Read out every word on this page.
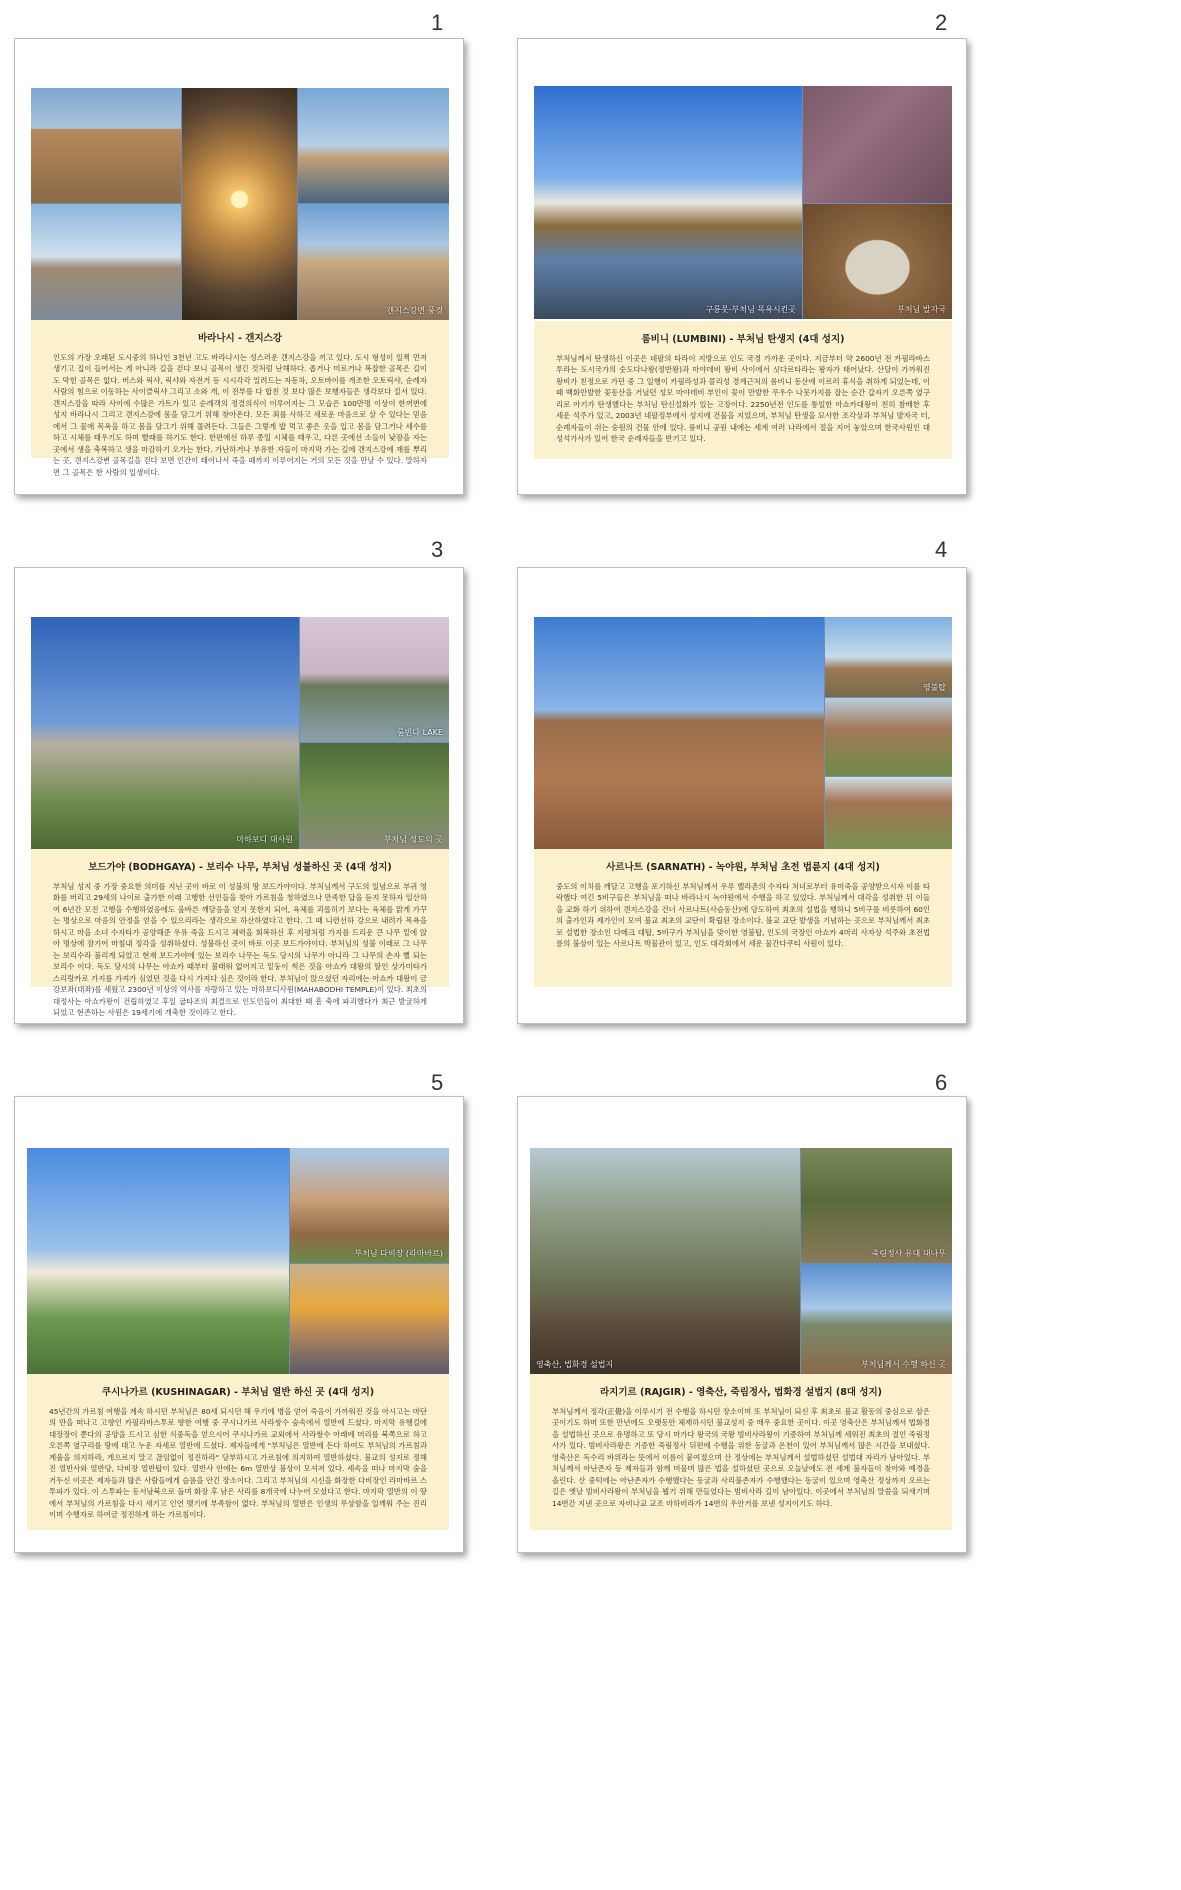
1
갠지스강변 풍경
바라나시 - 갠지스강

인도의 가장 오래된 도시중의 하나인 3천년 고도 바라나시는 성스러운 갠지스강을 끼고 있다. 도시 형성이 일찍 먼저 생기고 집이 들어서는 게 아니라 길을 걷다 보니 골목이 생긴 것처럼 난해하다. 좁거나 미로거나 복잡한 골목은 길이도 막힌 골목은 없다. 버스와 릭샤, 릭샤와 자전거 등 시시각각 밀려드는 자동차, 오토바이를 개조한 오토릭샤, 순례자 사람의 힘으로 이동하는 사이클릭샤 그리고 소와 개, 이 전부를 다 합친 것 보다 많은 보행자들은 생각보다 질서 있다. 갠지스강을 따라 사이에 수많은 가트가 있고 순례객의 정결의식이 이루어지는 그 모습은 100만명 이상이 한꺼번에 성지 바라나시 그리고 갠지스강에 몸을 담그기 위해 찾아온다. 모든 죄를 사하고 새로운 마음으로 살 수 있다는 믿음에서 그 물에 목욕을 하고 몸을 담그기 위해 몰려든다. 그들은 그렇게 밥 먹고 좋은 옷을 입고 몸을 담그거나 세수를 하고 시체를 태우기도 하며 빨래를 하기도 한다. 한편에선 하루 종일 시체를 태우고, 다른 곳에선 소들이 낮잠을 자는 곳에서 생을 축복하고 생을 마감하기 오가는 한다. 가난하거나 부유한 자들이 마지막 가는 길에 갠지스강에 재를 뿌리는 곳, 갠지스강변 골목길을 걷다 보면 인간이 태어나서 죽을 때까지 이루어지는 거의 모든 것을 만날 수 있다. 말하자면 그 골목은 한 사람의 일생이다.

2
구룡못-부처님 목욕시킨곳	부처님 발자국
룸비니 (LUMBINI) - 부처님 탄생지 (4대 성지)

부처님께서 탄생하신 이곳은 네팔의 타라이 지방으로 인도 국경 가까운 곳이다. 지금부터 약 2600년 전 카필라바스투라는 도시국가의 숫도다나왕(정반왕)과 마야데비 왕비 사이에서 싯다르타라는 왕자가 태어났다. 산달이 가까워진 왕비가 친정으로 가던 중 그 일행이 카필라성과 콜리성 경계근처의 룸비니 동산에 이르러 휴식을 취하게 되었는데, 이때 백화만발한 꽃동산을 거닐던 성모 마야데비 부인이 꽃이 만발한 무우수 나뭇가지를 잡는 순간 갑자기 오른쪽 옆구리로 아기가 탄생했다는 부처님 탄신설화가 있는 고장이다. 2250년전 인도를 통일한 아쇼카대왕이 친히 참배한 후 세운 석주가 있고, 2003년 네팔정부에서 성지에 건물을 지었으며, 부처님 탄생을 묘사한 조각상과 부처님 발자국 터, 순례자들이 쉬는 숭원의 건물 안에 있다. 룸비니 공원 내에는 세계 여러 나라에서 절을 지어 놓았으며 한국사원인 대성석가사가 있어 한국 순례자들을 반기고 있다.

3
마하보디 대사원
룸빈다 LAKE
부처님 성도의 곳
보드가야 (BODHGAYA) - 보리수 나무, 부처님 성불하신 곳 (4대 성지)

부처님 성지 중 가장 중요한 의미를 지닌 곳이 바로 이 성불의 땅 보드가야이다. 부처님께서 구도의 일념으로 부귀 영화를 버리고 29세의 나이로 출가한 이래 고행한 선인들을 찾아 가르침을 청하였으나 만족한 답을 듣지 못하자 일산하여 6년간 모진 고행을 수행하였음에도 올바른 깨달음을 얻지 못한지 되어, 육체를 괴롭히기 보다는 육체를 맑게 가꾸는 명상으로 마음의 안정을 얻을 수 있으리라는 생각으로 하산하였다고 한다. 그 때 니련선하 강으로 내려가 목욕을 하시고 마을 소녀 수자타가 공양해준 우유 죽을 드시고 체력을 회복하신 후 지평처럼 가지를 드리운 큰 나무 밑에 앉아 명상에 잠기어 마침내 정각을 성취하셨다. 성불하신 곳이 바로 이곳 보드가야이다. 부처님의 성불 이래로 그 나무는 보리수라 불리게 되었고 현재 보드가야에 있는 보리수 나무는 독도 당시의 나무가 아니라 그 나무의 손자 뻘 되는 보리수 이다. 독도 당시의 나무는 아쇼카 때부터 불태워 없어지고 밑둥이 썩은 것을 아쇼카 대왕의 딸인 상가미타가 스리랑카로 가지를 가져가 심었던 것을 다시 가져다 심은 것이라 한다. 부처님이 앉으셨던 자리에는 아쇼카 대왕이 금강보좌(대좌)를 세웠고 2300년 이상의 역사를 자랑하고 있는 마하보디사원(MAHABODHI TEMPLE)이 있다. 최초의 대정사는 아쇼카왕이 건립하였고 후일 굽타조의 최결으로 인도인들이 최대한 때 흠 축에 파괴했다가 최근 발굴하게 되었고 현존하는 사원은 19세기에 개축한 것이라고 한다.

4
영불탑
사르나트 (SARNATH) - 녹야원, 부처님 초전 법륜지 (4대 성지)

중도의 이치를 깨달고 고행을 포기하신 부처님께서 우루 벨라촌의 수자타 처녀로부터 유미죽을 공양받으시자 이를 타락했다 여긴 5비구들은 부처님을 떠나 바라나시 녹야원에서 수행을 하고 있었다. 부처님께서 대각을 성취한 뒤 이들을 교화 하기 위하여 갠지스강을 건너 사르나트(사슴동산)에 당도하여 최초의 설법을 행하니 5비구를 비롯하여 60인의 출가인과 제가인이 모여 불교 최초의 교단이 확립된 장소이다. 불교 교단 발생을 기념하는 곳으로 부처님께서 최초로 설법한 장소인 다메크 대탑, 5비구가 부처님을 맞이한 영불탑, 인도의 국장인 아쇼카 4마리 사자상 석주와 초전법륜의 불상이 있는 사르나트 박물관이 있고, 인도 대각회에서 세운 물간다쿠티 사원이 있다.

5
부처님 다비장 (라마바르)
쿠시나가르 (KUSHINAGAR) - 부처님 열반 하신 곳 (4대 성지)

45년간의 가르침 여행을 계속 하시던 부처님은 80세 되시던 해 우기에 병을 얻어 죽음이 가까워진 것을 아시고는 마단의 만을 떠나고 고향인 카필라바스투로 향한 여행 중 쿠시나가르 사라쌍수 숲속에서 열반에 드셨다. 마지막 유행길에 대장장이 쭌다의 공양을 드시고 심한 식중독을 얻으시어 쿠시나가르 교외에서 사라쌍수 아래에 머리를 북쪽으로 하고 오른쪽 옆구리를 땅에 대고 누운 자세로 열반에 드셨다. 제자들에게 "부처님은 열반에 든다 하여도 부처님의 가르침과 계율을 의지하라, 게으르지 말고 끊임없이 정진하라" 당부하시고 가르침에 의지하여 열반하셨다. 불교의 성지로 정해진 열반사와 열반당, 다비장 열반탑이 있다. 열반사 안에는 6m 열반상 불상이 모셔져 있다. 세속을 떠나 마지막 숨을 거두신 이곳은 제자들과 많은 사람들에게 슬픔을 안긴 장소이다. 그리고 부처님의 시신을 화장한 다비장인 라마바르 스투파가 있다. 이 스투파는 동서남북으로 돌며 화장 후 남은 사리를 8개국에 나누어 모셨다고 한다. 마지막 열반의 이 땅에서 부처님의 가르침을 다시 새기고 인연 맺기에 부족함이 없다. 부처님의 열반은 인생의 무상함을 일깨워 주는 진리이며 수행자로 하여금 정진하게 하는 가르침이다.

6
영축산, 법화경 설법지
죽림정사 유대 대나무
부처님께서 수행 하신 곳
라지기르 (RAJGIR) - 영축산, 죽림정사, 법화경 설법지 (8대 성지)

부처님께서 정각(正覺)을 이루시기 전 수행을 하시던 장소이며 또 부처님이 되신 후 최초로 불교 활동의 중심으로 삼은 곳이기도 하며 또한 만년에도 오랫동안 체재하시던 불교성지 중 매우 중요한 곳이다. 이곳 영축산은 부처님께서 법화경을 설법하신 곳으로 유명하고 또 당시 마가다 왕국의 국왕 빔비사라왕이 기증하여 부처님께 세워진 최초의 절인 죽림정사가 있다. 빔비사라왕은 기증한 죽림정사 뒤편에 수행을 위한 동굴과 온천이 있어 부처님께서 많은 시간을 보내셨다. 영축산은 독수리 바위라는 뜻에서 이름이 붙여졌으며 산 정상에는 부처님께서 설법하셨던 설법대 자리가 남아있다. 부처님께서 아난존자 등 제자들과 함께 머물며 많은 법을 설하셨던 곳으로 오늘날에도 전 세계 불자들이 찾아와 예경을 올린다. 산 중턱에는 아난존자가 수행했다는 동굴과 사리불존자가 수행했다는 동굴이 있으며 영축산 정상까지 오르는 길은 옛날 빔비사라왕이 부처님을 뵙기 위해 만들었다는 빔비사라 길이 남아있다. 이곳에서 부처님의 말씀을 되새기며 14번간 지낸 곳으로 자비나교 교조 마하비라가 14번의 우안거를 보낸 성지이기도 하다.
